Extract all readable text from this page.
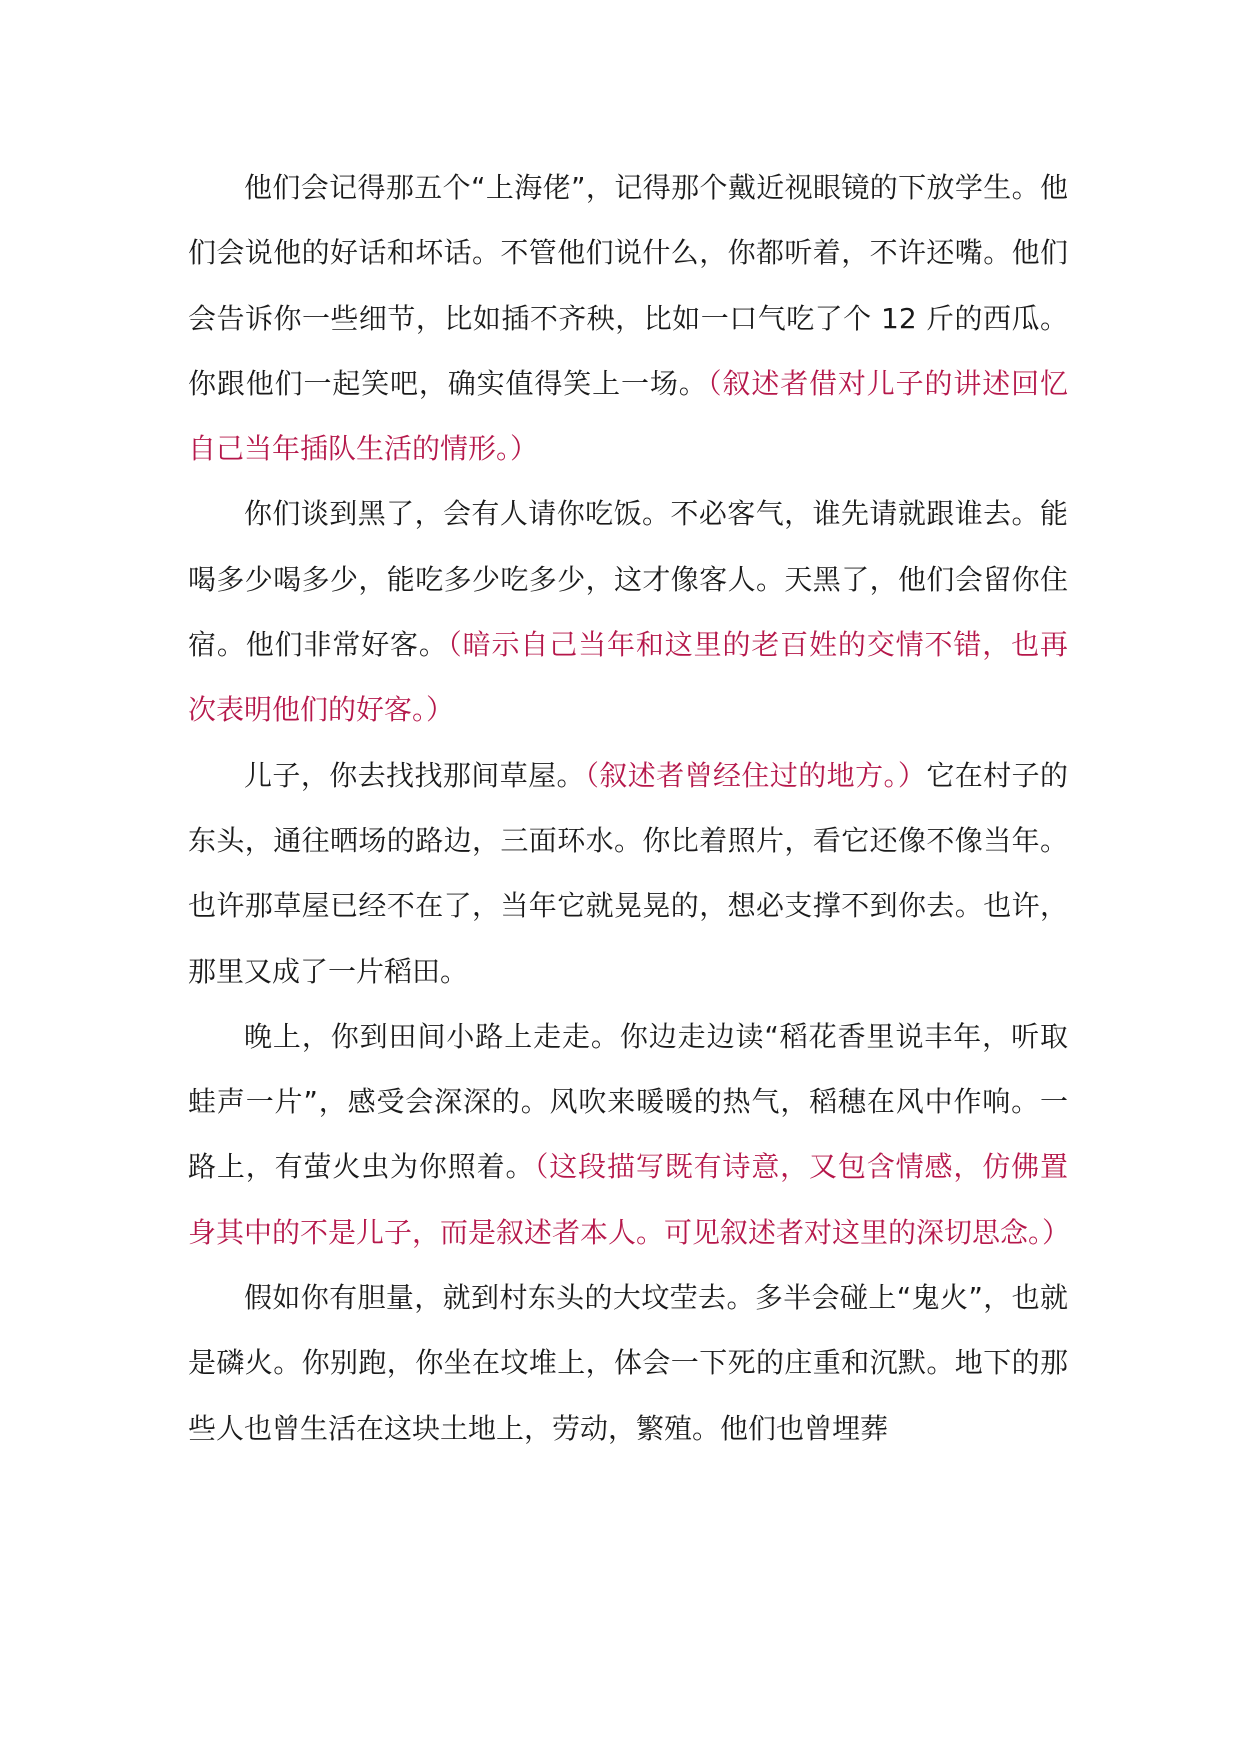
他们会记得那五个“上海佬”，记得那个戴近视眼镜的下放学生。他们会说他的好话和坏话。不管他们说什么，你都听着，不许还嘴。他们会告诉你一些细节，比如插不齐秧，比如一口气吃了个 12 斤的西瓜。你跟他们一起笑吧，确实值得笑上一场。（叙述者借对儿子的讲述回忆自己当年插队生活的情形。）

你们谈到黑了，会有人请你吃饭。不必客气，谁先请就跟谁去。能喝多少喝多少，能吃多少吃多少，这才像客人。天黑了，他们会留你住宿。他们非常好客。（暗示自己当年和这里的老百姓的交情不错，也再次表明他们的好客。）

儿子，你去找找那间草屋。（叙述者曾经住过的地方。）它在村子的东头，通往晒场的路边，三面环水。你比着照片，看它还像不像当年。也许那草屋已经不在了，当年它就晃晃的，想必支撑不到你去。也许，那里又成了一片稻田。

晚上，你到田间小路上走走。你边走边读“稻花香里说丰年，听取蛙声一片”，感受会深深的。风吹来暖暖的热气，稻穗在风中作响。一路上，有萤火虫为你照着。（这段描写既有诗意，又包含情感，仿佛置身其中的不是儿子，而是叙述者本人。可见叙述者对这里的深切思念。）

假如你有胆量，就到村东头的大坟茔去。多半会碰上“鬼火”，也就是磷火。你别跑，你坐在坟堆上，体会一下死的庄重和沉默。地下的那些人也曾生活在这块土地上，劳动，繁殖。他们也曾埋葬
